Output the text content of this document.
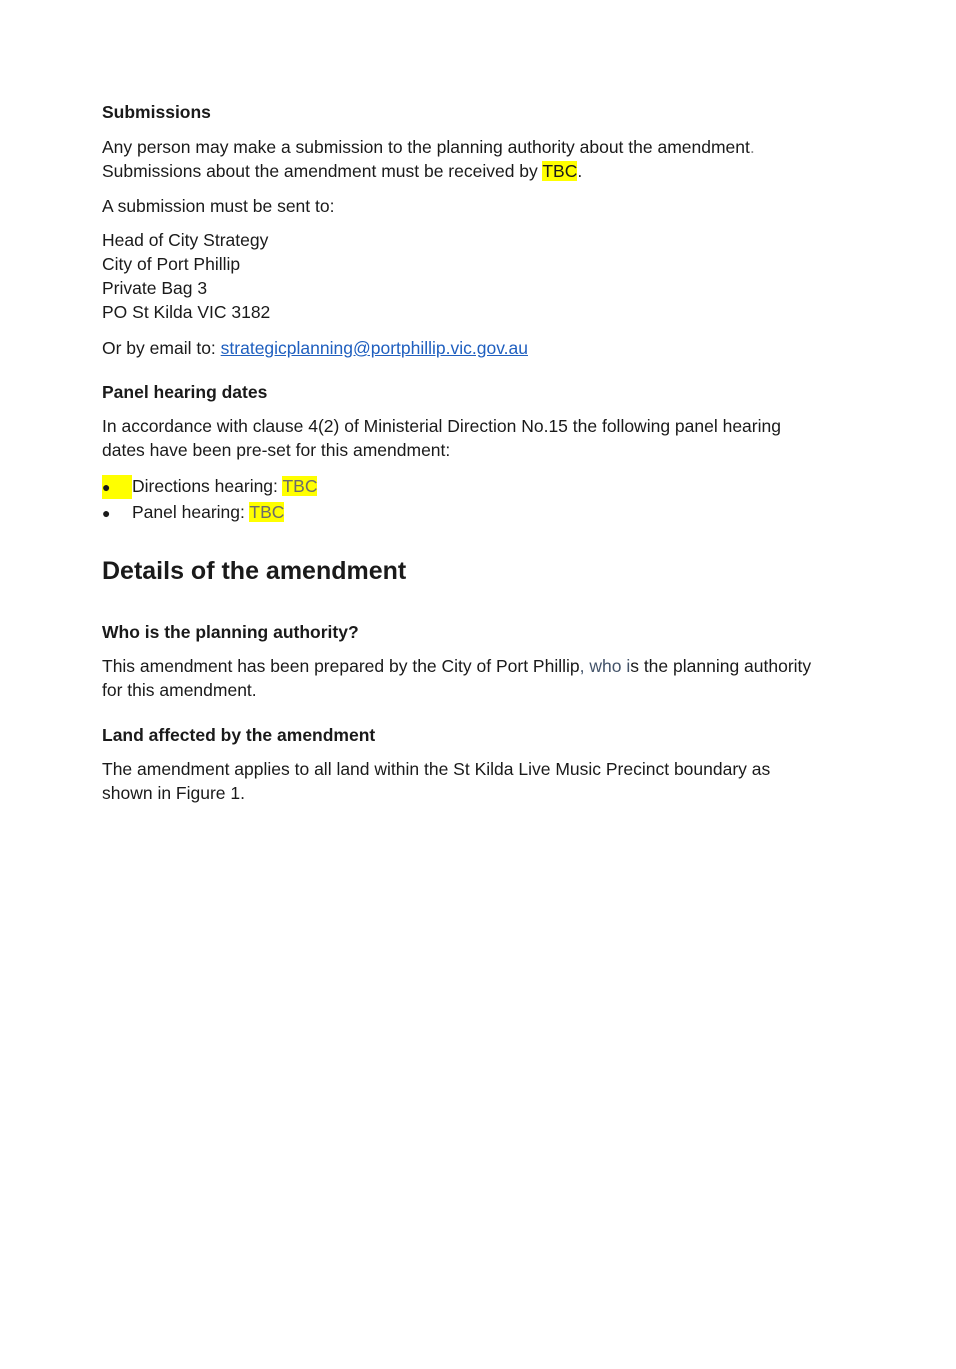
Submissions
Any person may make a submission to the planning authority about the amendment.
Submissions about the amendment must be received by TBC.
A submission must be sent to:
Head of City Strategy
City of Port Phillip
Private Bag 3
PO St Kilda VIC 3182
Or by email to: strategicplanning@portphillip.vic.gov.au
Panel hearing dates
In accordance with clause 4(2) of Ministerial Direction No.15 the following panel hearing
dates have been pre-set for this amendment:
● Directions hearing: TBC
● Panel hearing: TBC
Details of the amendment
Who is the planning authority?
This amendment has been prepared by the City of Port Phillip, who is the planning authority
for this amendment.
Land affected by the amendment
The amendment applies to all land within the St Kilda Live Music Precinct boundary as
shown in Figure 1.
